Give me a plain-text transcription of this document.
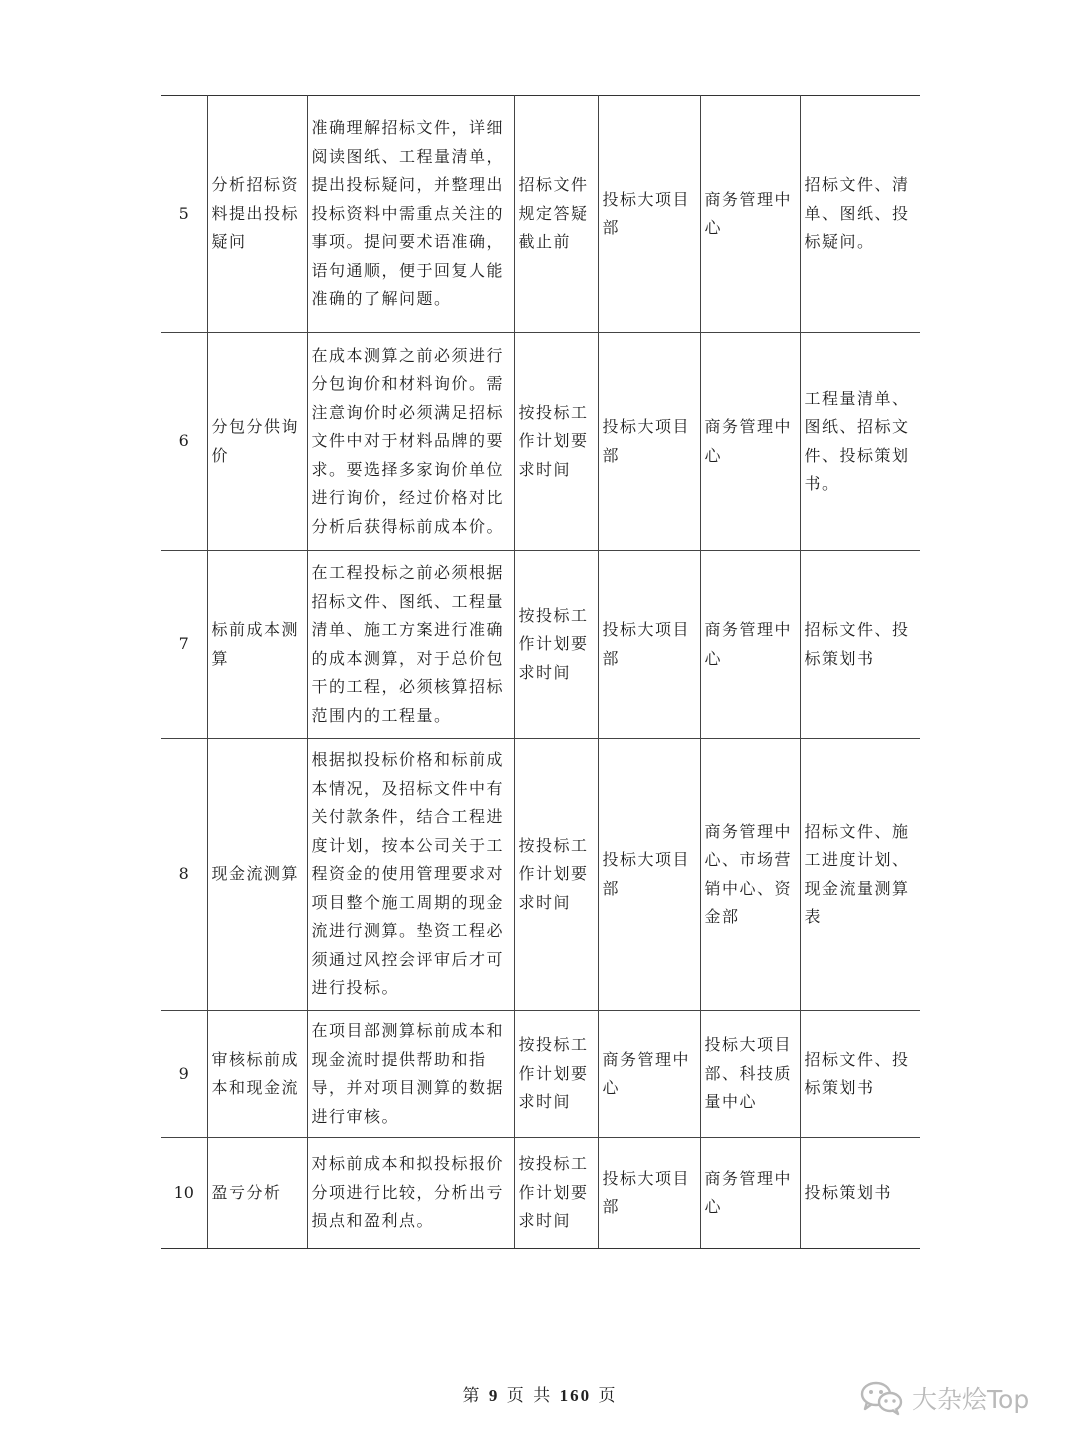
5	分析招标资料提出投标疑问	准确理解招标文件，详细阅读图纸、工程量清单，提出投标疑问，并整理出投标资料中需重点关注的事项。提问要术语准确，语句通顺，便于回复人能准确的了解问题。	招标文件规定答疑截止前	投标大项目部	商务管理中心	招标文件、清单、图纸、投标疑问。
6	分包分供询价	在成本测算之前必须进行分包询价和材料询价。需注意询价时必须满足招标文件中对于材料品牌的要求。要选择多家询价单位进行询价，经过价格对比分析后获得标前成本价。	按投标工作计划要求时间	投标大项目部	商务管理中心	工程量清单、图纸、招标文件、投标策划书。
7	标前成本测算	在工程投标之前必须根据招标文件、图纸、工程量清单、施工方案进行准确的成本测算，对于总价包干的工程，必须核算招标范围内的工程量。	按投标工作计划要求时间	投标大项目部	商务管理中心	招标文件、投标策划书
8	现金流测算	根据拟投标价格和标前成本情况，及招标文件中有关付款条件，结合工程进度计划，按本公司关于工程资金的使用管理要求对项目整个施工周期的现金流进行测算。垫资工程必须通过风控会评审后才可进行投标。	按投标工作计划要求时间	投标大项目部	商务管理中心、市场营销中心、资金部	招标文件、施工进度计划、现金流量测算表
9	审核标前成本和现金流	在项目部测算标前成本和现金流时提供帮助和指导，并对项目测算的数据进行审核。	按投标工作计划要求时间	商务管理中心	投标大项目部、科技质量中心	招标文件、投标策划书
10	盈亏分析	对标前成本和拟投标报价分项进行比较，分析出亏损点和盈利点。	按投标工作计划要求时间	投标大项目部	商务管理中心	投标策划书
第 9 页 共 160 页	大杂烩Top
